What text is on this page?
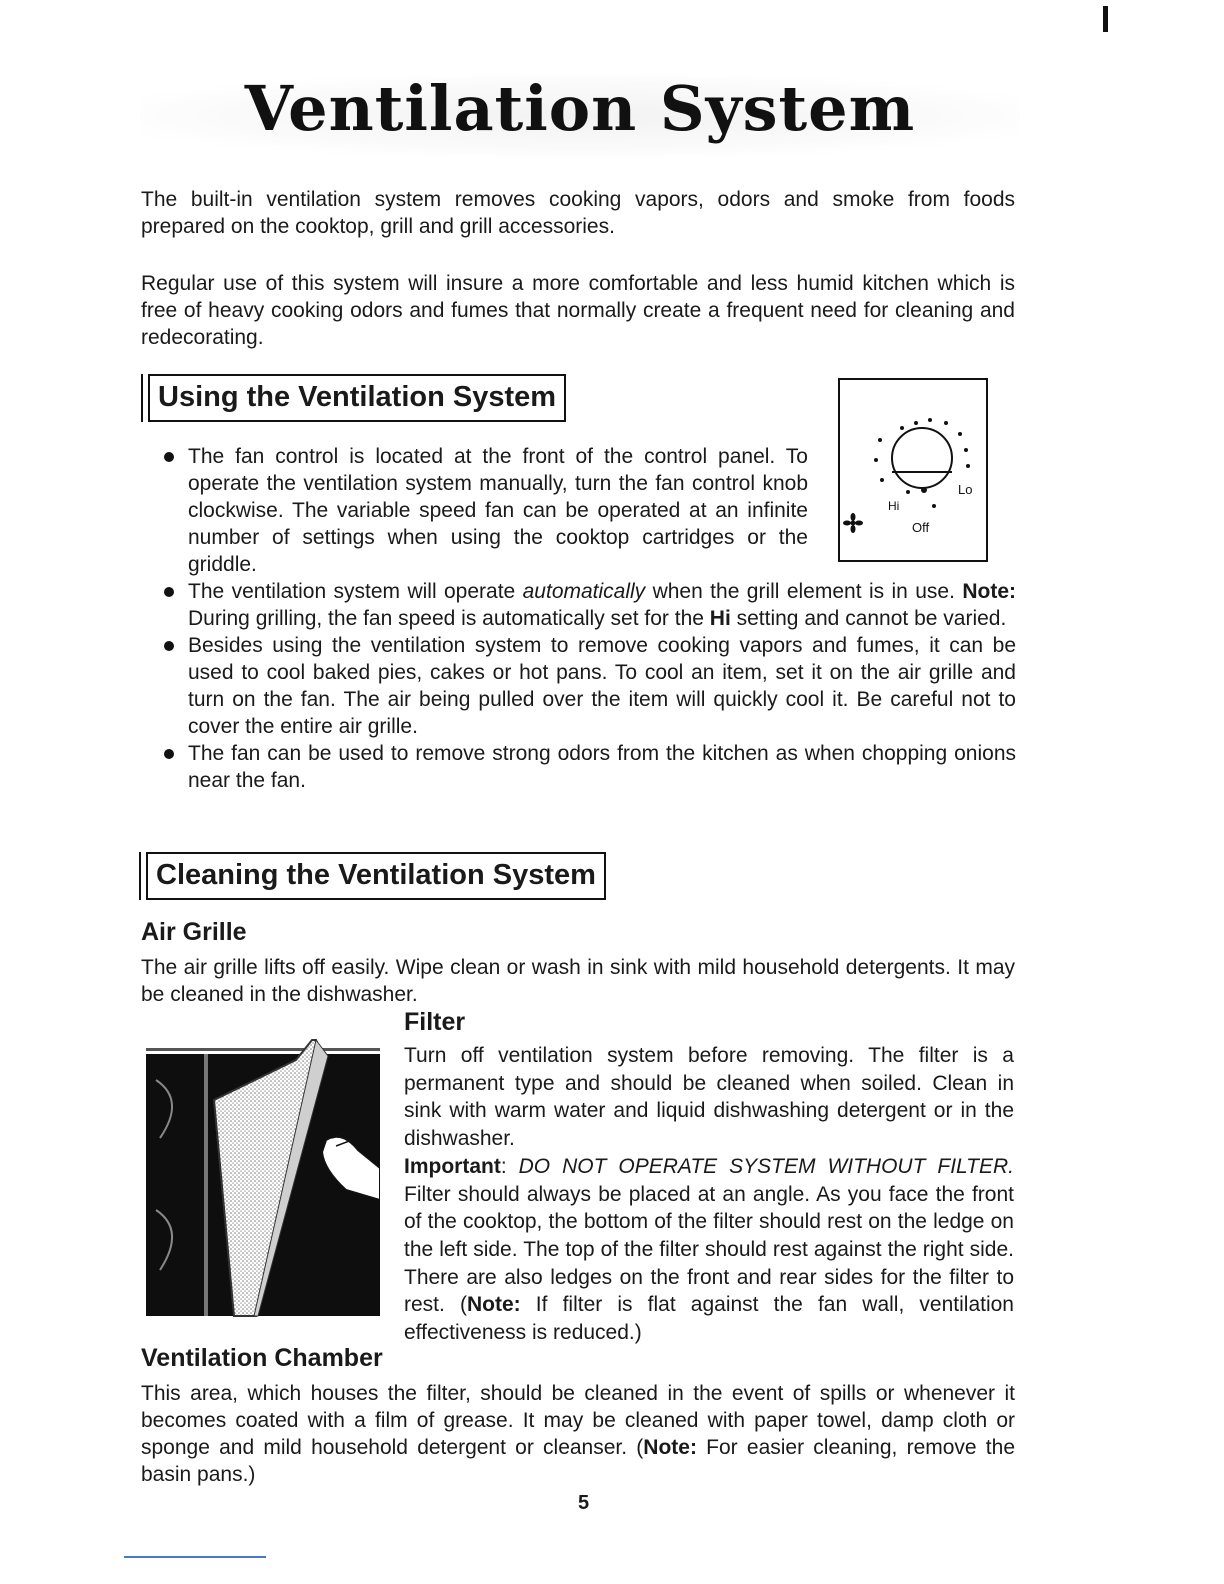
Ventilation System
The built-in ventilation system removes cooking vapors, odors and smoke from foods prepared on the cooktop, grill and grill accessories.
Regular use of this system will insure a more comfortable and less humid kitchen which is free of heavy cooking odors and fumes that normally create a frequent need for cleaning and redecorating.
Using the Ventilation System
Lo
Hi
Off
The fan control is located at the front of the control panel. To operate the ventilation system manually, turn the fan control knob clockwise. The variable speed fan can be operated at an infinite number of settings when using the cooktop cartridges or the griddle.
The ventilation system will operate automatically when the grill element is in use. Note: During grilling, the fan speed is automatically set for the Hi setting and cannot be varied.
Besides using the ventilation system to remove cooking vapors and fumes, it can be used to cool baked pies, cakes or hot pans. To cool an item, set it on the air grille and turn on the fan. The air being pulled over the item will quickly cool it. Be careful not to cover the entire air grille.
The fan can be used to remove strong odors from the kitchen as when chopping onions near the fan.
Cleaning the Ventilation System
Air Grille
The air grille lifts off easily. Wipe clean or wash in sink with mild household detergents. It may be cleaned in the dishwasher.
Filter
Turn off ventilation system before removing. The filter is a permanent type and should be cleaned when soiled. Clean in sink with warm water and liquid dishwashing detergent or in the dishwasher.
Important: DO NOT OPERATE SYSTEM WITHOUT FILTER. Filter should always be placed at an angle. As you face the front of the cooktop, the bottom of the filter should rest on the ledge on the left side. The top of the filter should rest against the right side. There are also ledges on the front and rear sides for the filter to rest. (Note: If filter is flat against the fan wall, ventilation effectiveness is reduced.)
Ventilation Chamber
This area, which houses the filter, should be cleaned in the event of spills or whenever it becomes coated with a film of grease. It may be cleaned with paper towel, damp cloth or sponge and mild household detergent or cleanser. (Note: For easier cleaning, remove the basin pans.)
5
